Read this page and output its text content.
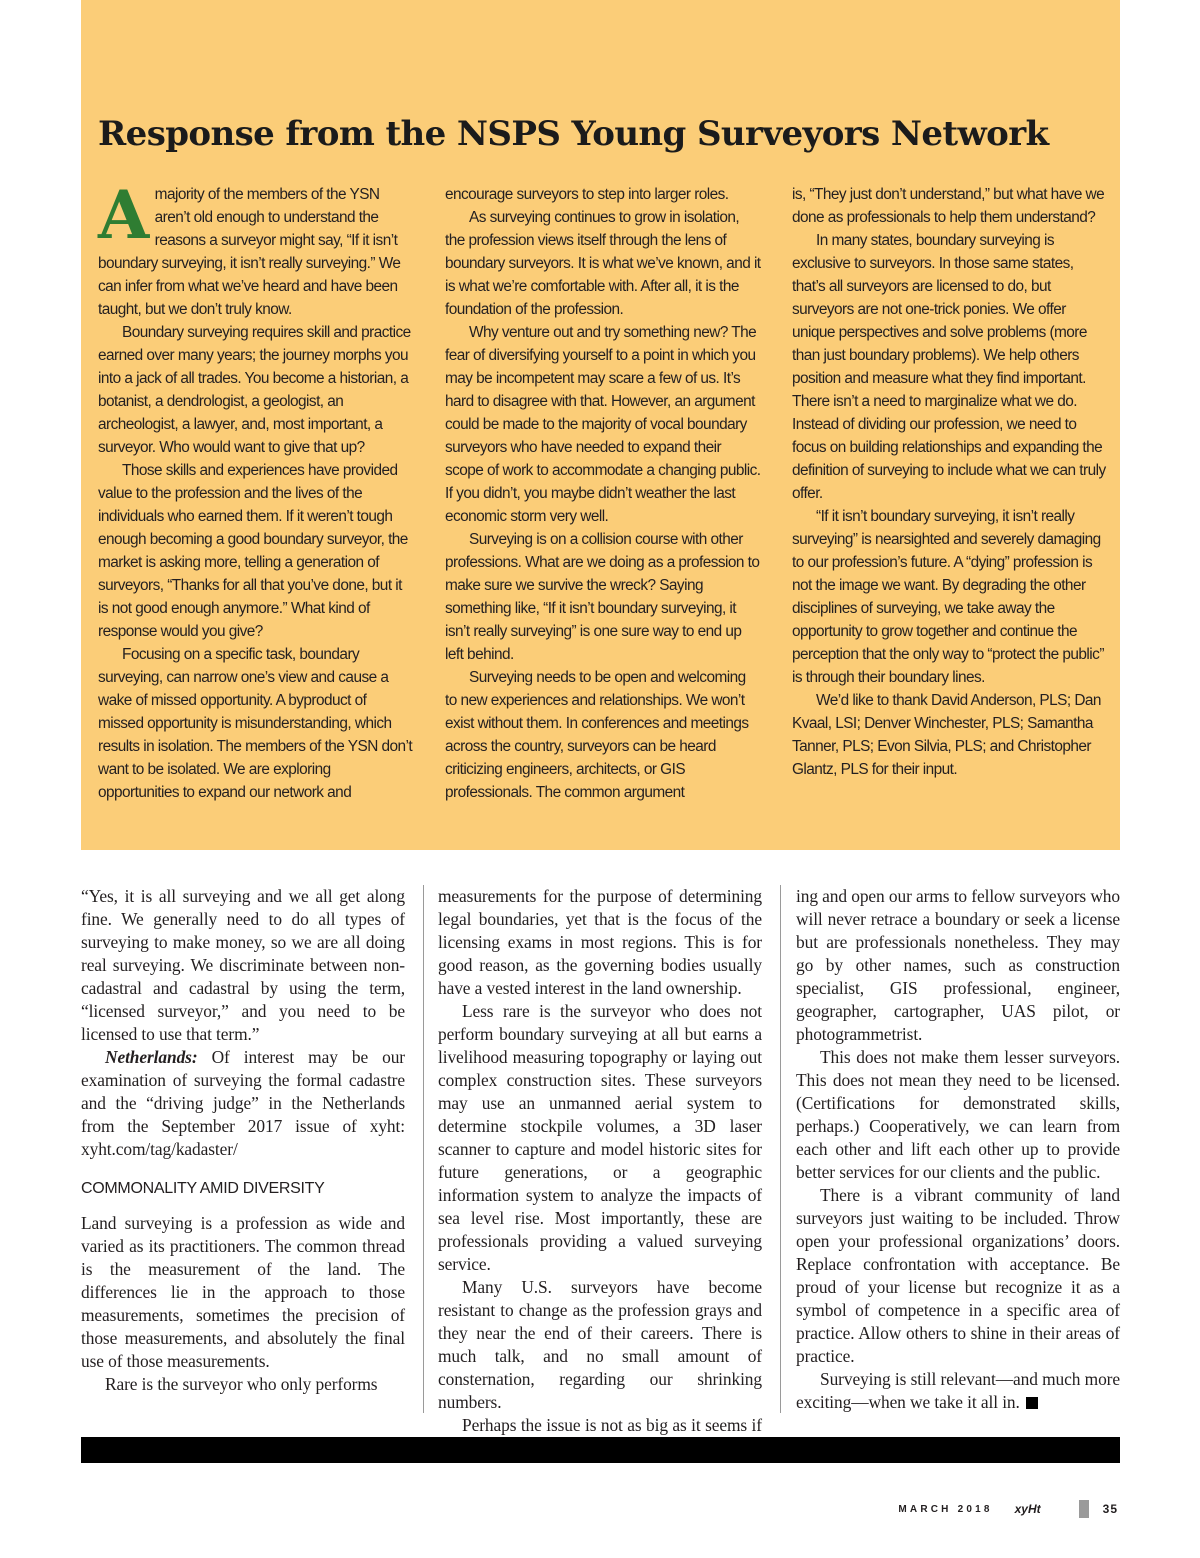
Response from the NSPS Young Surveyors Network

A majority of the members of the YSN aren’t old enough to understand the reasons a surveyor might say, “If it isn’t boundary surveying, it isn’t really surveying.” We can infer from what we’ve heard and have been taught, but we don’t truly know.

Boundary surveying requires skill and practice earned over many years; the journey morphs you into a jack of all trades. You become a historian, a botanist, a dendrologist, a geologist, an archeologist, a lawyer, and, most important, a surveyor. Who would want to give that up?

Those skills and experiences have provided value to the profession and the lives of the individuals who earned them. If it weren’t tough enough becoming a good boundary surveyor, the market is asking more, telling a generation of surveyors, “Thanks for all that you’ve done, but it is not good enough anymore.” What kind of response would you give?

Focusing on a specific task, boundary surveying, can narrow one’s view and cause a wake of missed opportunity. A byproduct of missed opportunity is misunderstanding, which results in isolation. The members of the YSN don’t want to be isolated. We are exploring opportunities to expand our network and

encourage surveyors to step into larger roles.

As surveying continues to grow in isolation, the profession views itself through the lens of boundary surveyors. It is what we’ve known, and it is what we’re comfortable with. After all, it is the foundation of the profession.

Why venture out and try something new? The fear of diversifying yourself to a point in which you may be incompetent may scare a few of us. It’s hard to disagree with that. However, an argument could be made to the majority of vocal boundary surveyors who have needed to expand their scope of work to accommodate a changing public. If you didn’t, you maybe didn’t weather the last economic storm very well.

Surveying is on a collision course with other professions. What are we doing as a profession to make sure we survive the wreck? Saying something like, “If it isn’t boundary surveying, it isn’t really surveying” is one sure way to end up left behind.

Surveying needs to be open and welcoming to new experiences and relationships. We won’t exist without them. In conferences and meetings across the country, surveyors can be heard criticizing engineers, architects, or GIS professionals. The common argument

is, “They just don’t understand,” but what have we done as professionals to help them understand?

In many states, boundary surveying is exclusive to surveyors. In those same states, that’s all surveyors are licensed to do, but surveyors are not one-trick ponies. We offer unique perspectives and solve problems (more than just boundary problems). We help others position and measure what they find important. There isn’t a need to marginalize what we do. Instead of dividing our profession, we need to focus on building relationships and expanding the definition of surveying to include what we can truly offer.

“If it isn’t boundary surveying, it isn’t really surveying” is nearsighted and severely damaging to our profession’s future. A “dying” profession is not the image we want. By degrading the other disciplines of surveying, we take away the opportunity to grow together and continue the perception that the only way to “protect the public” is through their boundary lines.

We’d like to thank David Anderson, PLS; Dan Kvaal, LSI; Denver Winchester, PLS; Samantha Tanner, PLS; Evon Silvia, PLS; and Christopher Glantz, PLS for their input.

“Yes, it is all surveying and we all get along fine. We generally need to do all types of surveying to make money, so we are all doing real surveying. We discriminate between non-cadastral and cadastral by using the term, “licensed surveyor,” and you need to be licensed to use that term.”

Netherlands: Of interest may be our examination of surveying the formal cadastre and the “driving judge” in the Netherlands from the September 2017 issue of xyht: xyht.com/tag/kadaster/

COMMONALITY AMID DIVERSITY

Land surveying is a profession as wide and varied as its practitioners. The common thread is the measurement of the land. The differences lie in the approach to those measurements, sometimes the precision of those measurements, and absolutely the final use of those measurements.

Rare is the surveyor who only performs

measurements for the purpose of determining legal boundaries, yet that is the focus of the licensing exams in most regions. This is for good reason, as the governing bodies usually have a vested interest in the land ownership.

Less rare is the surveyor who does not perform boundary surveying at all but earns a livelihood measuring topography or laying out complex construction sites. These surveyors may use an unmanned aerial system to determine stockpile volumes, a 3D laser scanner to capture and model historic sites for future generations, or a geographic information system to analyze the impacts of sea level rise. Most importantly, these are professionals providing a valued surveying service.

Many U.S. surveyors have become resistant to change as the profession grays and they near the end of their careers. There is much talk, and no small amount of consternation, regarding our shrinking numbers.

Perhaps the issue is not as big as it seems if

ing and open our arms to fellow surveyors who will never retrace a boundary or seek a license but are professionals nonetheless. They may go by other names, such as construction specialist, GIS professional, engineer, geographer, cartographer, UAS pilot, or photogrammetrist.

This does not make them lesser surveyors. This does not mean they need to be licensed. (Certifications for demonstrated skills, perhaps.) Cooperatively, we can learn from each other and lift each other up to provide better services for our clients and the public.

There is a vibrant community of land surveyors just waiting to be included. Throw open your professional organizations’ doors. Replace confrontation with acceptance. Be proud of your license but recognize it as a symbol of competence in a specific area of practice. Allow others to shine in their areas of practice.

Surveying is still relevant—and much more exciting—when we take it all in.

MARCH 2018 xyHt	35
